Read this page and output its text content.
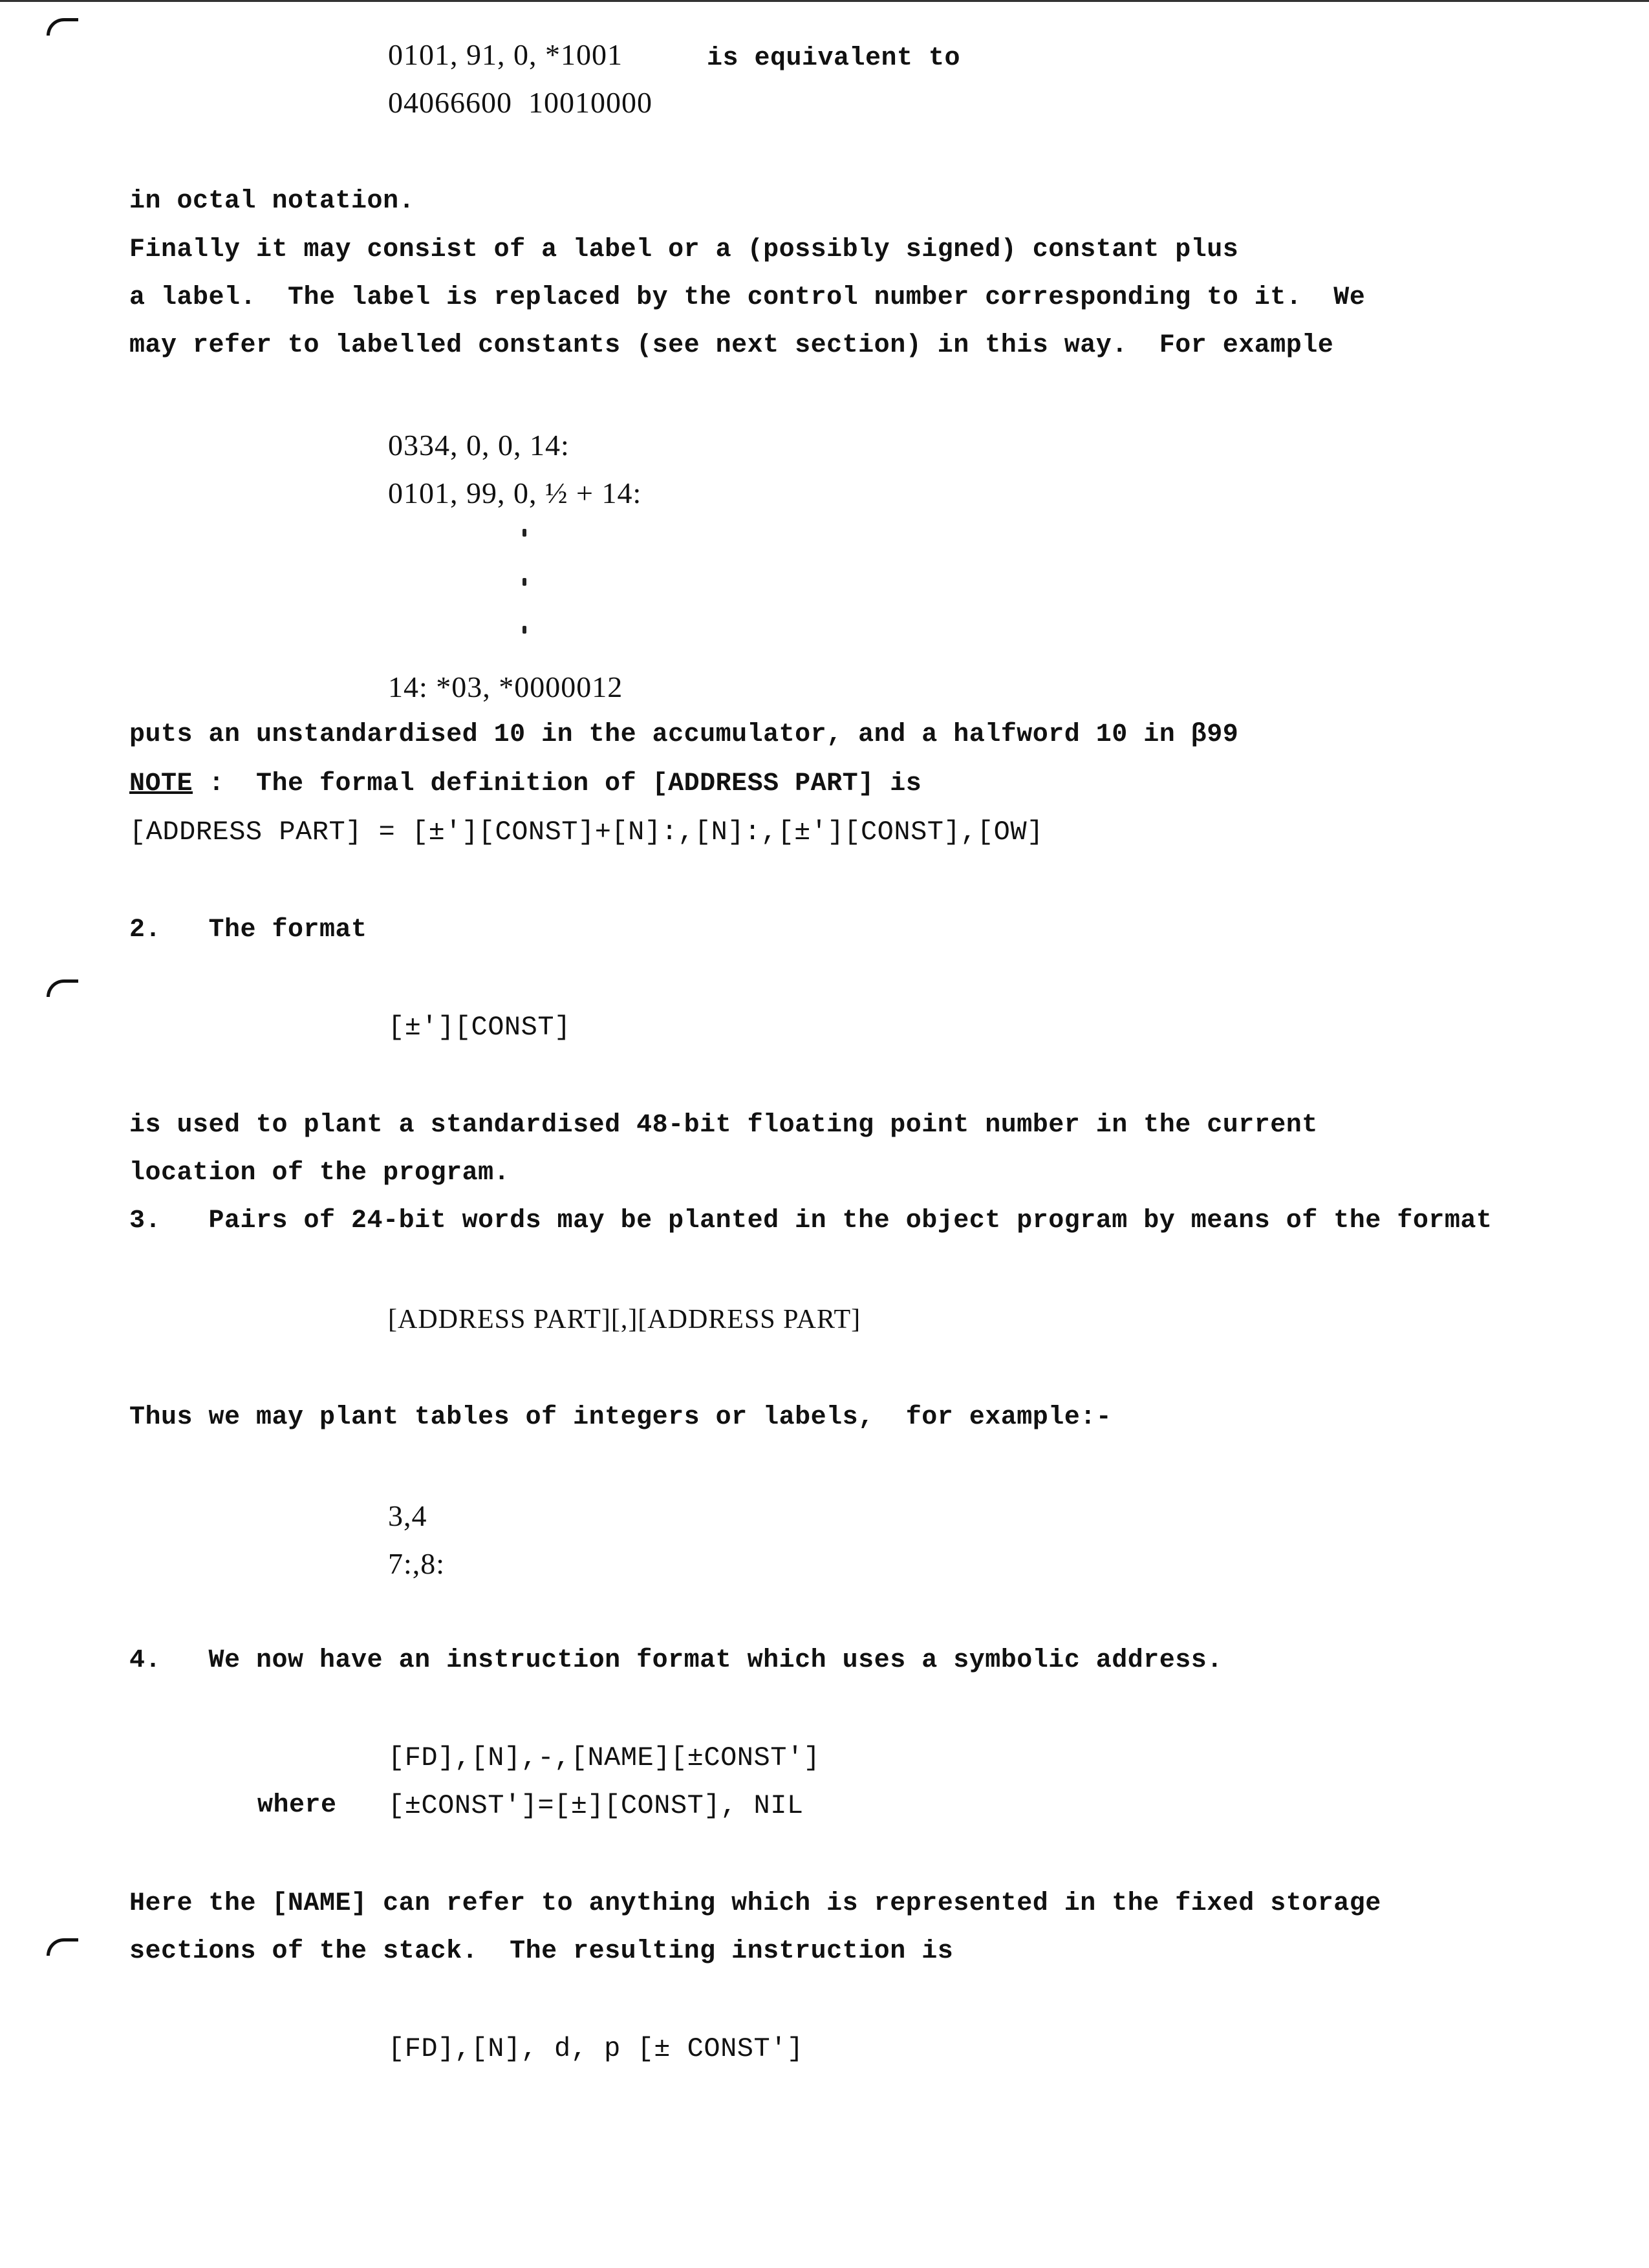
0101, 91, 0, *1001	is equivalent to
04066600  10010000
in octal notation.
Finally it may consist of a label or a (possibly signed) constant plus
a label.  The label is replaced by the control number corresponding to it.  We
may refer to labelled constants (see next section) in this way.  For example
0334, 0, 0, 14:
0101, 99, 0, ½ + 14:
14: *03, *0000012
puts an unstandardised 10 in the accumulator, and a halfword 10 in β99
NOTE :  The formal definition of [ADDRESS PART] is
[ADDRESS PART] = [±'][CONST]+[N]:,[N]:,[±'][CONST],[OW]
2.   The format
[±'][CONST]
is used to plant a standardised 48-bit floating point number in the current
location of the program.
3.   Pairs of 24-bit words may be planted in the object program by means of the format
[ADDRESS PART][,][ADDRESS PART]
Thus we may plant tables of integers or labels,  for example:-
3,4
7:,8:
4.   We now have an instruction format which uses a symbolic address.
[FD],[N],-,[NAME][±CONST']
where [±CONST']=[±][CONST], NIL
Here the [NAME] can refer to anything which is represented in the fixed storage
sections of the stack.  The resulting instruction is
[FD],[N], d, p [± CONST']
